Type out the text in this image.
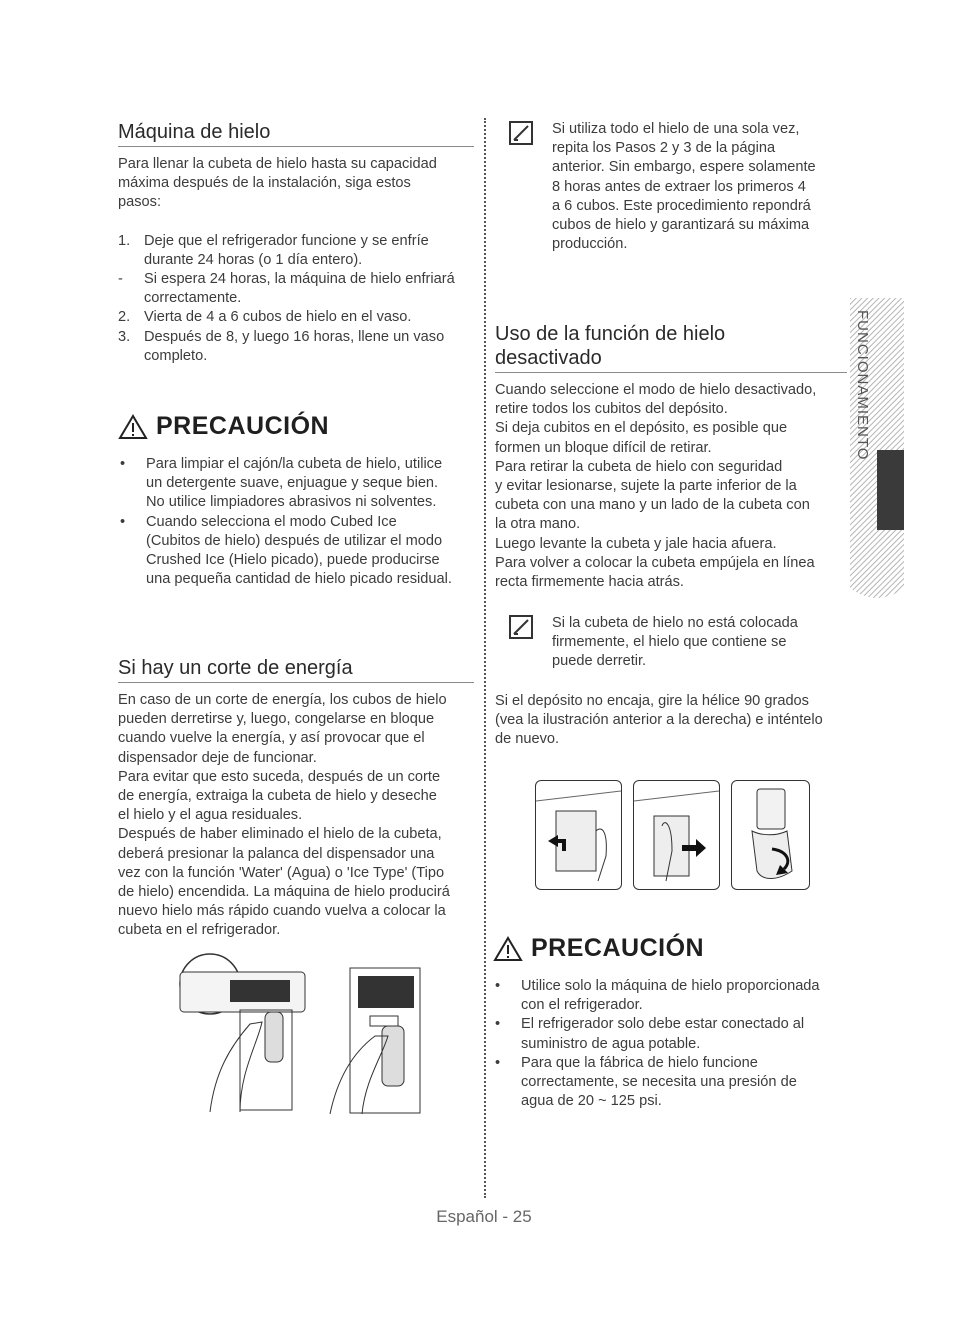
Máquina de hielo
Para llenar la cubeta de hielo hasta su capacidad
máxima después de la instalación, siga estos
pasos:
1. Deje que el refrigerador funcione y se enfríe
durante 24 horas (o 1 día entero).
-	Si espera 24 horas, la máquina de hielo enfriará
correctamente.
2. Vierta de 4 a 6 cubos de hielo en el vaso.
3. Después de 8, y luego 16 horas, llene un vaso
completo.
PRECAUCIÓN
•	Para limpiar el cajón/la cubeta de hielo, utilice
un detergente suave, enjuague y seque bien.
No utilice limpiadores abrasivos ni solventes.
•	Cuando selecciona el modo Cubed Ice
(Cubitos de hielo) después de utilizar el modo
Crushed Ice (Hielo picado), puede producirse
una pequeña cantidad de hielo picado residual.
Si hay un corte de energía
En caso de un corte de energía, los cubos de hielo
pueden derretirse y, luego, congelarse en bloque
cuando vuelve la energía, y así provocar que el
dispensador deje de funcionar.
Para evitar que esto suceda, después de un corte
de energía, extraiga la cubeta de hielo y deseche
el hielo y el agua residuales.
Después de haber eliminado el hielo de la cubeta,
deberá presionar la palanca del dispensador una
vez con la función 'Water' (Agua) o 'Ice Type' (Tipo
de hielo) encendida. La máquina de hielo producirá
nuevo hielo más rápido cuando vuelva a colocar la
cubeta en el refrigerador.
Si utiliza todo el hielo de una sola vez,
repita los Pasos 2 y 3 de la página
anterior. Sin embargo, espere solamente
8 horas antes de extraer los primeros 4
a 6 cubos. Este procedimiento repondrá
cubos de hielo y garantizará su máxima
producción.
Uso de la función de hielo
desactivado
Cuando seleccione el modo de hielo desactivado,
retire todos los cubitos del depósito.
Si deja cubitos en el depósito, es posible que
formen un bloque difícil de retirar.
Para retirar la cubeta de hielo con seguridad
y evitar lesionarse, sujete la parte inferior de la
cubeta con una mano y un lado de la cubeta con
la otra mano.
Luego levante la cubeta y jale hacia afuera.
Para volver a colocar la cubeta empújela en línea
recta firmemente hacia atrás.
Si la cubeta de hielo no está colocada
firmemente, el hielo que contiene se
puede derretir.
Si el depósito no encaja, gire la hélice 90 grados
(vea la ilustración anterior a la derecha) e inténtelo
de nuevo.
PRECAUCIÓN
•	Utilice solo la máquina de hielo proporcionada
con el refrigerador.
•	El refrigerador solo debe estar conectado al
suministro de agua potable.
•	Para que la fábrica de hielo funcione
correctamente, se necesita una presión de
agua de 20 ~ 125 psi.
FUNCIONAMIENTO
Español - 25
